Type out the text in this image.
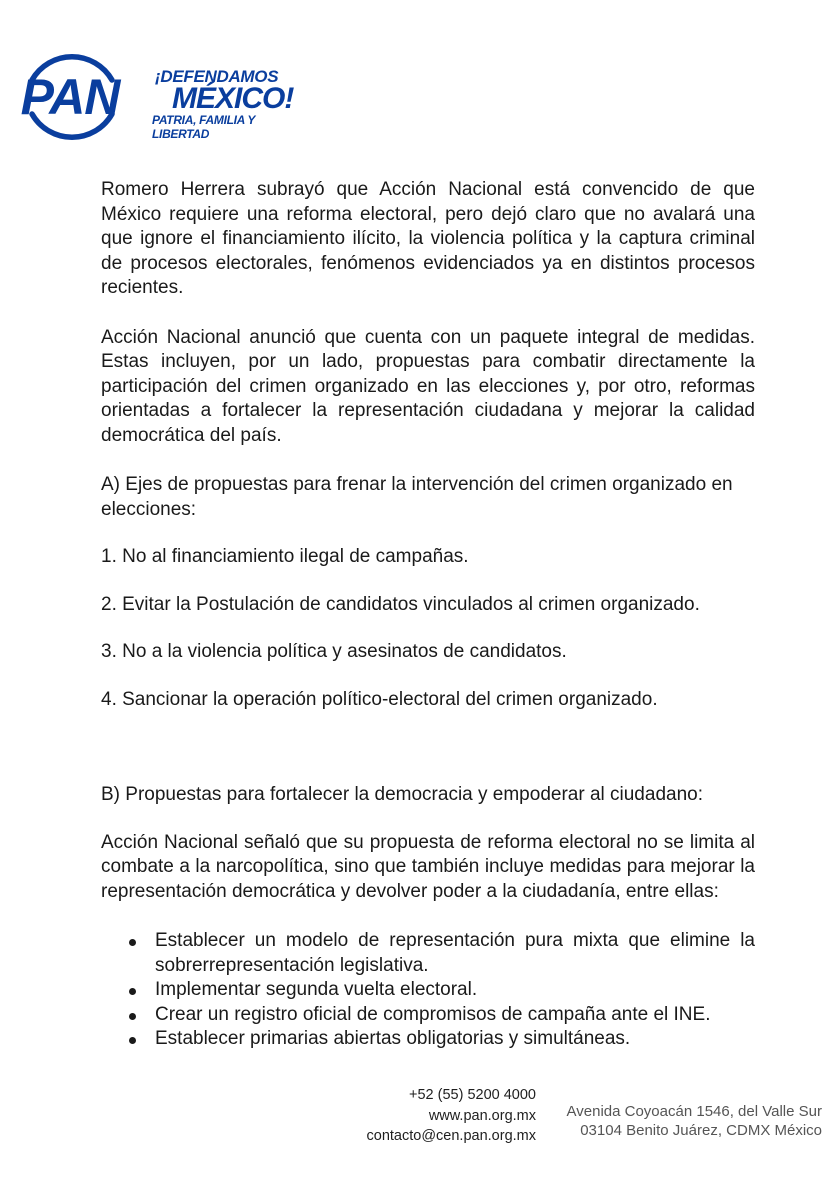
PAN ¡DEFENDAMOS
MÉXICO!
PATRIA, FAMILIA Y LIBERTAD

Romero Herrera subrayó que Acción Nacional está convencido de que México requiere una reforma electoral, pero dejó claro que no avalará una que ignore el financiamiento ilícito, la violencia política y la captura criminal de procesos electorales, fenómenos evidenciados ya en distintos procesos recientes.

Acción Nacional anunció que cuenta con un paquete integral de medidas. Estas incluyen, por un lado, propuestas para combatir directamente la participación del crimen organizado en las elecciones y, por otro, reformas orientadas a fortalecer la representación ciudadana y mejorar la calidad democrática del país.

A) Ejes de propuestas para frenar la intervención del crimen organizado en elecciones:

1. No al financiamiento ilegal de campañas.

2. Evitar la Postulación de candidatos vinculados al crimen organizado.

3. No a la violencia política y asesinatos de candidatos.

4. Sancionar la operación político-electoral del crimen organizado.

B) Propuestas para fortalecer la democracia y empoderar al ciudadano:

Acción Nacional señaló que su propuesta de reforma electoral no se limita al combate a la narcopolítica, sino que también incluye medidas para mejorar la representación democrática y devolver poder a la ciudadanía, entre ellas:

Establecer un modelo de representación pura mixta que elimine la sobrerrepresentación legislativa.
Implementar segunda vuelta electoral.
Crear un registro oficial de compromisos de campaña ante el INE.
Establecer primarias abiertas obligatorias y simultáneas.
+52 (55) 5200 4000
www.pan.org.mx
contacto@cen.pan.org.mx
Avenida Coyoacán 1546, del Valle Sur
03104 Benito Juárez, CDMX México
